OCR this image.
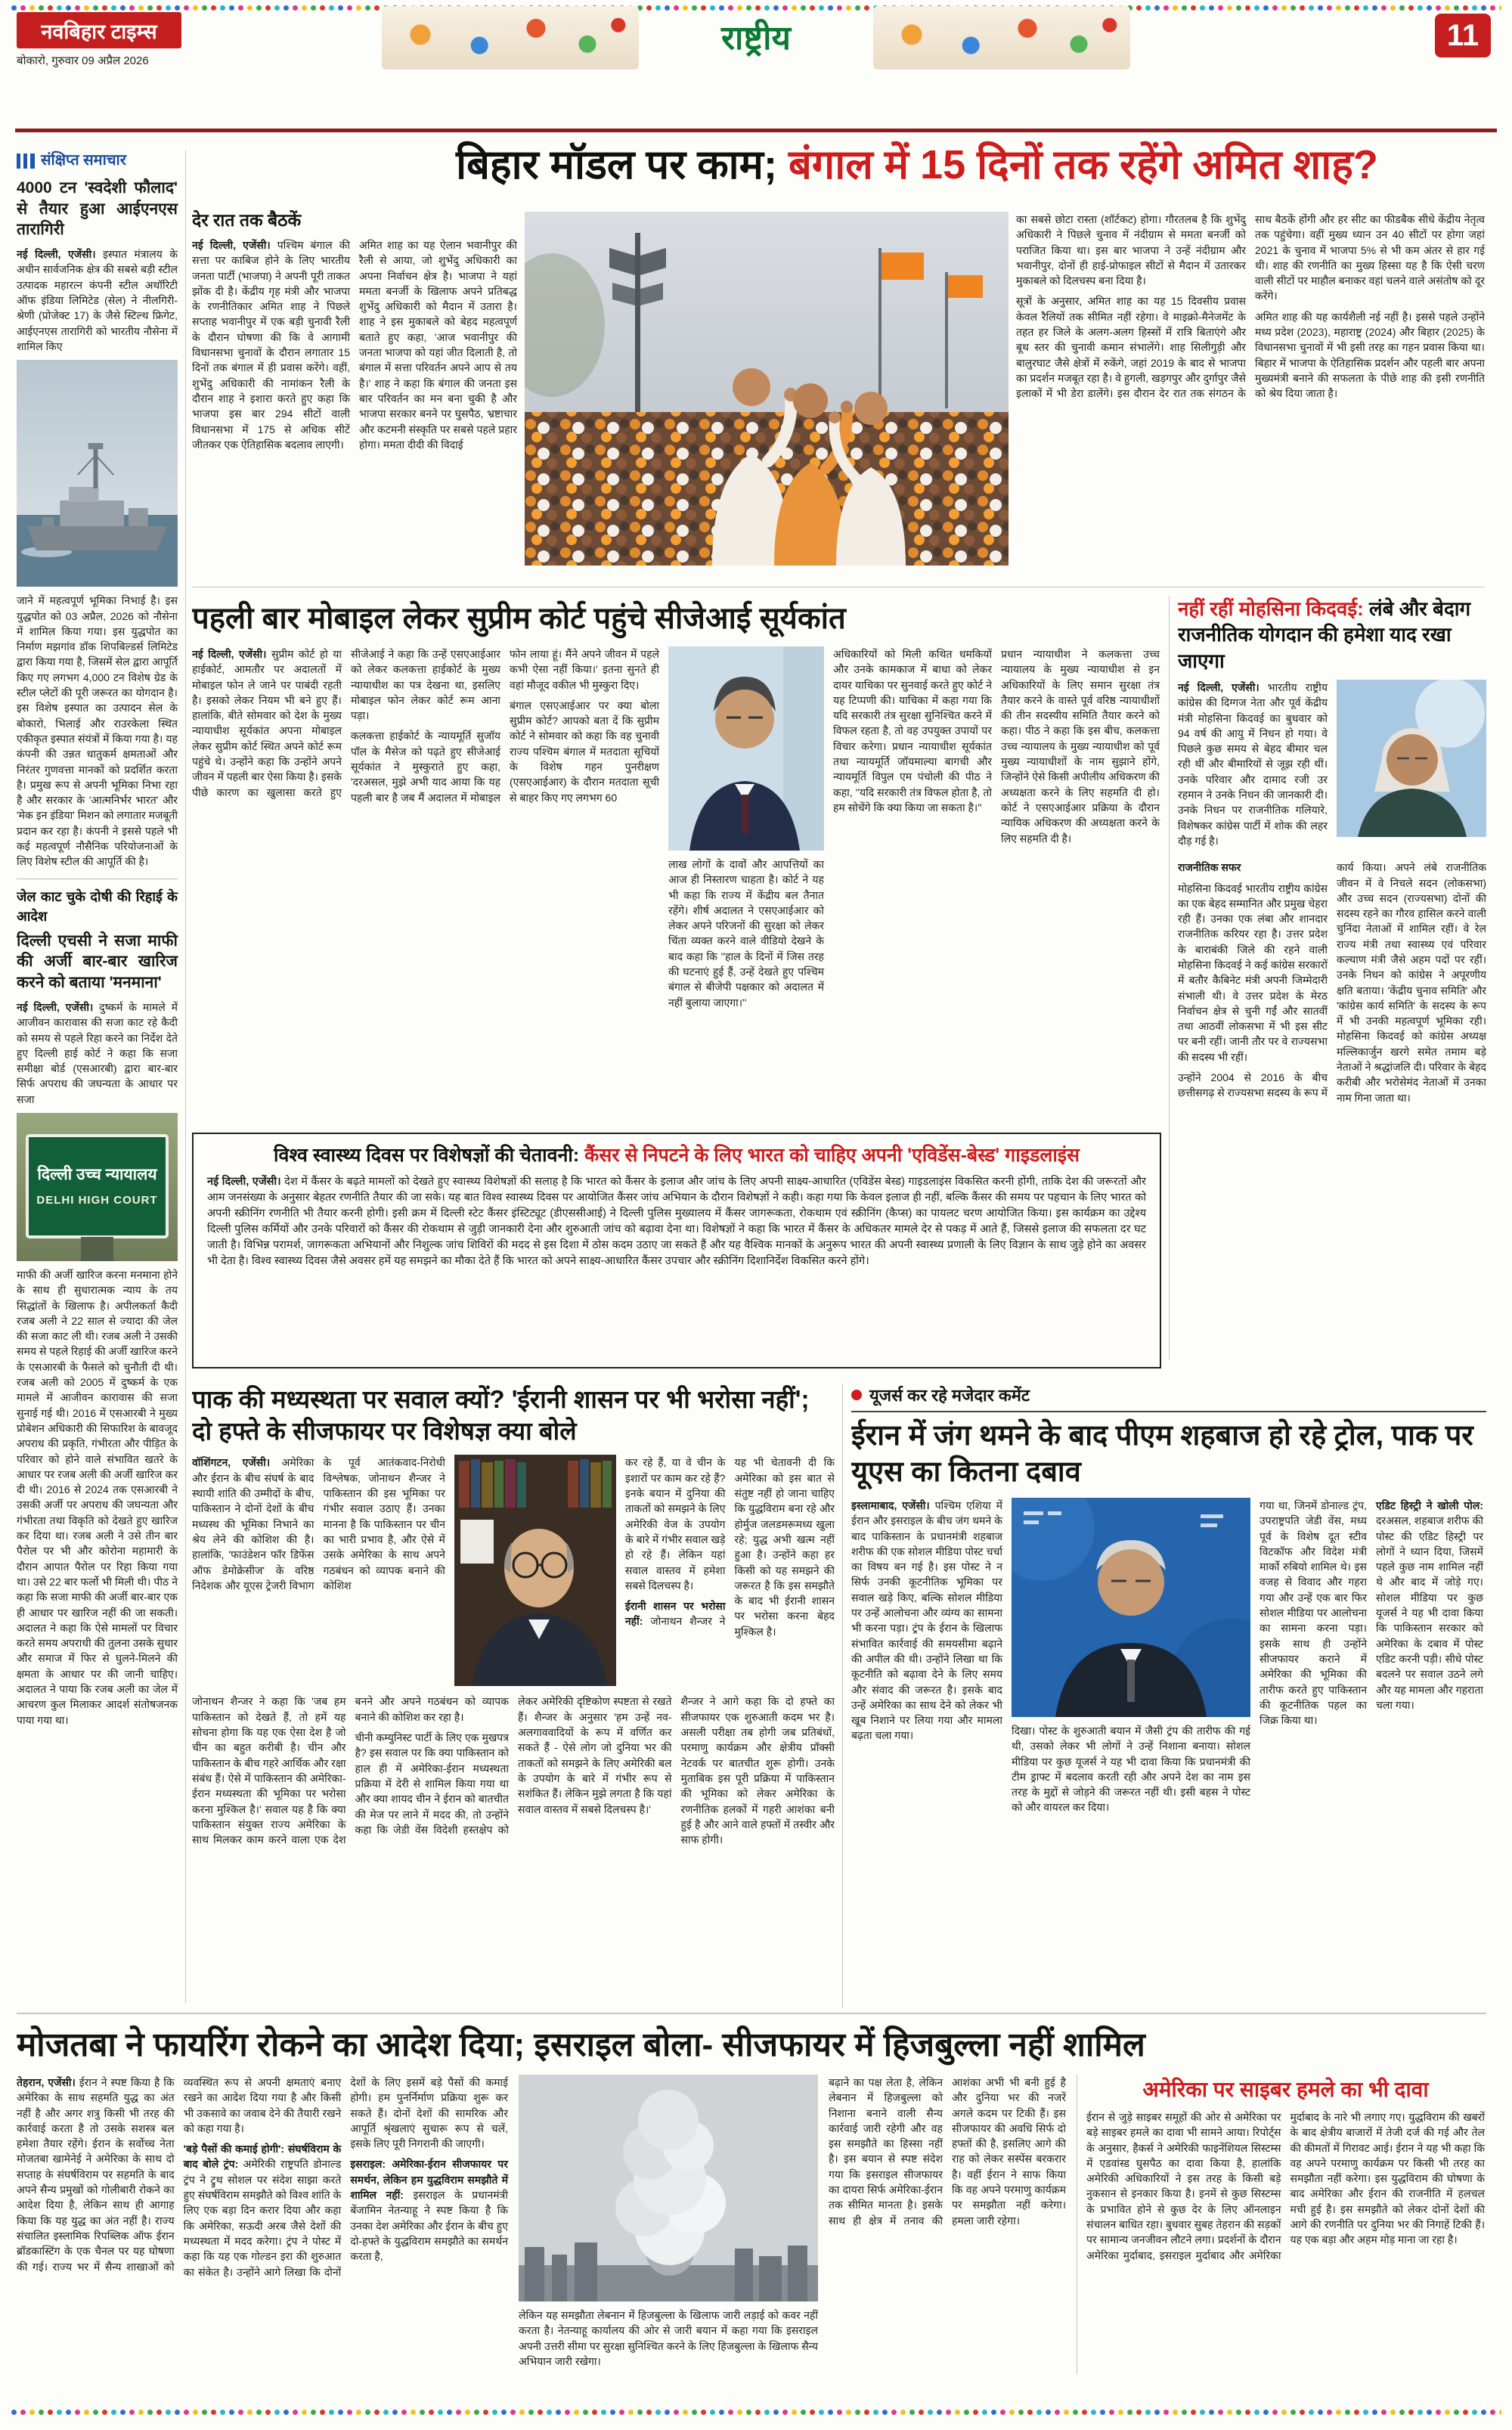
नवबिहार टाइम्स
बोकारो, गुरुवार 09 अप्रैल 2026
राष्ट्रीय	11
बिहार मॉडल पर काम; बंगाल में 15 दिनों तक रहेंगे अमित शाह?
संक्षिप्त समाचार
4000 टन 'स्वदेशी फौलाद' से तैयार हुआ आईएनएस तारागिरी

नई दिल्ली, एजेंसी। इस्पात मंत्रालय के अधीन सार्वजनिक क्षेत्र की सबसे बड़ी स्टील उत्पादक महारत्न कंपनी स्टील अथॉरिटी ऑफ इंडिया लिमिटेड (सेल) ने नीलगिरी-श्रेणी (प्रोजेक्ट 17) के जैसे स्टिल्थ फ्रिगेट, आईएनएस तारागिरी को भारतीय नौसेना में शामिल किए

जाने में महत्वपूर्ण भूमिका निभाई है। इस युद्धपोत को 03 अप्रैल, 2026 को नौसेना में शामिल किया गया। इस युद्धपोत का निर्माण मझगांव डॉक शिपबिल्डर्स लिमिटेड द्वारा किया गया है, जिसमें सेल द्वारा आपूर्ति किए गए लगभग 4,000 टन विशेष ग्रेड के स्टील प्लेटों की पूरी जरूरत का योगदान है। इस विशेष इस्पात का उत्पादन सेल के बोकारो, भिलाई और राउरकेला स्थित एकीकृत इस्पात संयंत्रों में किया गया है। यह कंपनी की उन्नत धातुकर्म क्षमताओं और निरंतर गुणवत्ता मानकों को प्रदर्शित करता है। प्रमुख रूप से अपनी भूमिका निभा रहा है और सरकार के 'आत्मनिर्भर भारत' और 'मेक इन इंडिया' मिशन को लगातार मजबूती प्रदान कर रहा है। कंपनी ने इससे पहले भी कई महत्वपूर्ण नौसैनिक परियोजनाओं के लिए विशेष स्टील की आपूर्ति की है।

जेल काट चुके दोषी की रिहाई के आदेश
दिल्ली एचसी ने सजा माफी की अर्जी बार-बार खारिज करने को बताया 'मनमाना'

नई दिल्ली, एजेंसी। दुष्कर्म के मामले में आजीवन कारावास की सजा काट रहे कैदी को समय से पहले रिहा करने का निर्देश देते हुए दिल्ली हाई कोर्ट ने कहा कि सजा समीक्षा बोर्ड (एसआरबी) द्वारा बार-बार सिर्फ अपराध की जघन्यता के आधार पर सजा

दिल्ली उच्च न्यायालय
DELHI HIGH COURT

माफी की अर्जी खारिज करना मनमाना होने के साथ ही सुधारात्मक न्याय के तय सिद्धांतों के खिलाफ है। अपीलकर्ता कैदी रजब अली ने 22 साल से ज्यादा की जेल की सजा काट ली थी। रजब अली ने उसकी समय से पहले रिहाई की अर्जी खारिज करने के एसआरबी के फैसले को चुनौती दी थी। रजब अली को 2005 में दुष्कर्म के एक मामले में आजीवन कारावास की सजा सुनाई गई थी। 2016 में एसआरबी ने मुख्य प्रोबेशन अधिकारी की सिफारिश के बावजूद अपराध की प्रकृति, गंभीरता और पीड़ित के परिवार को होने वाले संभावित खतरे के आधार पर रजब अली की अर्जी खारिज कर दी थी। 2016 से 2024 तक एसआरबी ने उसकी अर्जी पर अपराध की जघन्यता और गंभीरता तथा विकृति को देखते हुए खारिज कर दिया था। रजब अली ने उसे तीन बार पैरोल पर भी और कोरोना महामारी के दौरान आपात पैरोल पर रिहा किया गया था। उसे 22 बार फर्लो भी मिली थी। पीठ ने कहा कि सजा माफी की अर्जी बार-बार एक ही आधार पर खारिज नहीं की जा सकती। अदालत ने कहा कि ऐसे मामलों पर विचार करते समय अपराधी की तुलना उसके सुधार और समाज में फिर से घुलने-मिलने की क्षमता के आधार पर की जानी चाहिए। अदालत ने पाया कि रजब अली का जेल में आचरण कुल मिलाकर आदर्श संतोषजनक पाया गया था।

देर रात तक बैठकें

नई दिल्ली, एजेंसी। पश्चिम बंगाल की सत्ता पर काबिज होने के लिए भारतीय जनता पार्टी (भाजपा) ने अपनी पूरी ताकत झोंक दी है। केंद्रीय गृह मंत्री और भाजपा के रणनीतिकार अमित शाह ने पिछले सप्ताह भवानीपुर में एक बड़ी चुनावी रैली के दौरान घोषणा की कि वे आगामी विधानसभा चुनावों के दौरान लगातार 15 दिनों तक बंगाल में ही प्रवास करेंगे। वहीं, शुभेंदु अधिकारी की नामांकन रैली के दौरान शाह ने इशारा करते हुए कहा कि भाजपा इस बार 294 सीटों वाली विधानसभा में 175 से अधिक सीटें जीतकर एक ऐतिहासिक बदलाव लाएगी।

अमित शाह का यह ऐलान भवानीपुर की रैली से आया, जो शुभेंदु अधिकारी का अपना निर्वाचन क्षेत्र है। भाजपा ने यहां ममता बनर्जी के खिलाफ अपने प्रतिबद्ध शुभेंदु अधिकारी को मैदान में उतारा है। शाह ने इस मुकाबले को बेहद महत्वपूर्ण बताते हुए कहा, 'आज भवानीपुर की जनता भाजपा को यहां जीत दिलाती है, तो बंगाल में सत्ता परिवर्तन अपने आप से तय है।' शाह ने कहा कि बंगाल की जनता इस बार परिवर्तन का मन बना चुकी है और भाजपा सरकार बनने पर घुसपैठ, भ्रष्टाचार और कटमनी संस्कृति पर सबसे पहले प्रहार होगा। ममता दीदी की विदाई

का सबसे छोटा रास्ता (शॉर्टकट) होगा। गौरतलब है कि शुभेंदु अधिकारी ने पिछले चुनाव में नंदीग्राम से ममता बनर्जी को पराजित किया था। इस बार भाजपा ने उन्हें नंदीग्राम और भवानीपुर, दोनों ही हाई-प्रोफाइल सीटों से मैदान में उतारकर मुकाबले को दिलचस्प बना दिया है।

सूत्रों के अनुसार, अमित शाह का यह 15 दिवसीय प्रवास केवल रैलियों तक सीमित नहीं रहेगा। वे माइक्रो-मैनेजमेंट के तहत हर जिले के अलग-अलग हिस्सों में रात्रि बिताएंगे और बूथ स्तर की चुनावी कमान संभालेंगे। शाह सिलीगुड़ी और बालुरघाट जैसे क्षेत्रों में रुकेंगे, जहां 2019 के बाद से भाजपा का प्रदर्शन मजबूत रहा है। वे हुगली, खड़गपुर और दुर्गापुर जैसे इलाकों में भी डेरा डालेंगे। इस दौरान देर रात तक संगठन के साथ बैठकें होंगी और हर सीट का फीडबैक सीधे केंद्रीय नेतृत्व तक पहुंचेगा। वहीं मुख्य ध्यान उन 40 सीटों पर होगा जहां 2021 के चुनाव में भाजपा 5% से भी कम अंतर से हार गई थी। शाह की रणनीति का मुख्य हिस्सा यह है कि ऐसी चरण वाली सीटों पर माहौल बनाकर वहां चलने वाले असंतोष को दूर करेंगे।

अमित शाह की यह कार्यशैली नई नहीं है। इससे पहले उन्होंने मध्य प्रदेश (2023), महाराष्ट्र (2024) और बिहार (2025) के विधानसभा चुनावों में भी इसी तरह का गहन प्रवास किया था। बिहार में भाजपा के ऐतिहासिक प्रदर्शन और पहली बार अपना मुख्यमंत्री बनाने की सफलता के पीछे शाह की इसी रणनीति को श्रेय दिया जाता है।

पहली बार मोबाइल लेकर सुप्रीम कोर्ट पहुंचे सीजेआई सूर्यकांत

नई दिल्ली, एजेंसी। सुप्रीम कोर्ट हो या हाईकोर्ट, आमतौर पर अदालतों में मोबाइल फोन ले जाने पर पाबंदी रहती है। इसको लेकर नियम भी बने हुए हैं। हालांकि, बीते सोमवार को देश के मुख्य न्यायाधीश सूर्यकांत अपना मोबाइल लेकर सुप्रीम कोर्ट स्थित अपने कोर्ट रूम पहुंचे थे। उन्होंने कहा कि उन्होंने अपने जीवन में पहली बार ऐसा किया है। इसके पीछे कारण का खुलासा करते हुए सीजेआई ने कहा कि उन्हें एसएआईआर को लेकर कलकत्ता हाईकोर्ट के मुख्य न्यायाधीश का पत्र देखना था, इसलिए मोबाइल फोन लेकर कोर्ट रूम आना पड़ा।

कलकत्ता हाईकोर्ट के न्यायमूर्ति सुजॉय पॉल के मैसेज को पढ़ते हुए सीजेआई सूर्यकांत ने मुस्कुराते हुए कहा, 'दरअसल, मुझे अभी याद आया कि यह पहली बार है जब मैं अदालत में मोबाइल फोन लाया हूं। मैंने अपने जीवन में पहले कभी ऐसा नहीं किया।' इतना सुनते ही वहां मौजूद वकील भी मुस्कुरा दिए।

बंगाल एसएआईआर पर क्या बोला सुप्रीम कोर्ट? आपको बता दें कि सुप्रीम कोर्ट ने सोमवार को कहा कि वह चुनावी राज्य पश्चिम बंगाल में मतदाता सूचियों के विशेष गहन पुनरीक्षण (एसएआईआर) के दौरान मतदाता सूची से बाहर किए गए लगभग 60

लाख लोगों के दावों और आपत्तियों का आज ही निस्तारण चाहता है। कोर्ट ने यह भी कहा कि राज्य में केंद्रीय बल तैनात रहेंगे। शीर्ष अदालत ने एसएआईआर को लेकर अपने परिजनों की सुरक्षा को लेकर चिंता व्यक्त करने वाले वीडियो देखने के बाद कहा कि ''हाल के दिनों में जिस तरह की घटनाएं हुई हैं, उन्हें देखते हुए पश्चिम बंगाल से बीजेपी पक्षकार को अदालत में नहीं बुलाया जाएगा।''

अधिकारियों को मिली कथित धमकियों और उनके कामकाज में बाधा को लेकर दायर याचिका पर सुनवाई करते हुए कोर्ट ने यह टिप्पणी की। याचिका में कहा गया कि यदि सरकारी तंत्र सुरक्षा सुनिश्चित करने में विफल रहता है, तो वह उपयुक्त उपायों पर विचार करेगा। प्रधान न्यायाधीश सूर्यकांत तथा न्यायमूर्ति जॉयमाल्या बागची और न्यायमूर्ति विपुल एम पंचोली की पीठ ने कहा, ''यदि सरकारी तंत्र विफल होता है, तो हम सोचेंगे कि क्या किया जा सकता है।''

प्रधान न्यायाधीश ने कलकत्ता उच्च न्यायालय के मुख्य न्यायाधीश से इन अधिकारियों के लिए समान सुरक्षा तंत्र तैयार करने के वास्ते पूर्व वरिष्ठ न्यायाधीशों की तीन सदस्यीय समिति तैयार करने को कहा। पीठ ने कहा कि इस बीच, कलकत्ता उच्च न्यायालय के मुख्य न्यायाधीश को पूर्व मुख्य न्यायाधीशों के नाम सुझाने होंगे, जिन्होंने ऐसे किसी अपीलीय अधिकरण की अध्यक्षता करने के लिए सहमति दी हो। कोर्ट ने एसएआईआर प्रक्रिया के दौरान न्यायिक अधिकरण की अध्यक्षता करने के लिए सहमति दी है।

नहीं रहीं मोहसिना किदवई: लंबे और बेदाग राजनीतिक योगदान की हमेशा याद रखा जाएगा

नई दिल्ली, एजेंसी। भारतीय राष्ट्रीय कांग्रेस की दिग्गज नेता और पूर्व केंद्रीय मंत्री मोहसिना किदवई का बुधवार को 94 वर्ष की आयु में निधन हो गया। वे पिछले कुछ समय से बेहद बीमार चल रही थीं और बीमारियों से जूझ रही थीं। उनके परिवार और दामाद रजी उर रहमान ने उनके निधन की जानकारी दी। उनके निधन पर राजनीतिक गलियारे, विशेषकर कांग्रेस पार्टी में शोक की लहर दौड़ गई है।

राजनीतिक सफर

मोहसिना किदवई भारतीय राष्ट्रीय कांग्रेस का एक बेहद सम्मानित और प्रमुख चेहरा रही हैं। उनका एक लंबा और शानदार राजनीतिक करियर रहा है। उत्तर प्रदेश के बाराबंकी जिले की रहने वाली मोहसिना किदवई ने कई कांग्रेस सरकारों में बतौर कैबिनेट मंत्री अपनी जिम्मेदारी संभाली थी। वे उत्तर प्रदेश के मेरठ निर्वाचन क्षेत्र से चुनी गईं और सातवीं तथा आठवीं लोकसभा में भी इस सीट पर बनी रहीं। जानी तौर पर वे राज्यसभा की सदस्य भी रहीं।

उन्होंने 2004 से 2016 के बीच छत्तीसगढ़ से राज्यसभा सदस्य के रूप में कार्य किया। अपने लंबे राजनीतिक जीवन में वे निचले सदन (लोकसभा) और उच्च सदन (राज्यसभा) दोनों की सदस्य रहने का गौरव हासिल करने वाली चुनिंदा नेताओं में शामिल रहीं। वे रेल राज्य मंत्री तथा स्वास्थ्य एवं परिवार कल्याण मंत्री जैसे अहम पदों पर रहीं। उनके निधन को कांग्रेस ने अपूरणीय क्षति बताया। 'केंद्रीय चुनाव समिति' और 'कांग्रेस कार्य समिति' के सदस्य के रूप में भी उनकी महत्वपूर्ण भूमिका रही। मोहसिना किदवई को कांग्रेस अध्यक्ष मल्लिकार्जुन खरगे समेत तमाम बड़े नेताओं ने श्रद्धांजलि दी। परिवार के बेहद करीबी और भरोसेमंद नेताओं में उनका नाम गिना जाता था।

विश्व स्वास्थ्य दिवस पर विशेषज्ञों की चेतावनी: कैंसर से निपटने के लिए भारत को चाहिए अपनी 'एविडेंस-बेस्ड' गाइडलाइंस

नई दिल्ली, एजेंसी। देश में कैंसर के बढ़ते मामलों को देखते हुए स्वास्थ्य विशेषज्ञों की सलाह है कि भारत को कैंसर के इलाज और जांच के लिए अपनी साक्ष्य-आधारित (एविडेंस बेस्ड) गाइडलाइंस विकसित करनी होंगी, ताकि देश की जरूरतों और आम जनसंख्या के अनुसार बेहतर रणनीति तैयार की जा सके। यह बात विश्व स्वास्थ्य दिवस पर आयोजित कैंसर जांच अभियान के दौरान विशेषज्ञों ने कही। कहा गया कि केवल इलाज ही नहीं, बल्कि कैंसर की समय पर पहचान के लिए भारत को अपनी स्क्रीनिंग रणनीति भी तैयार करनी होगी। इसी क्रम में दिल्ली स्टेट कैंसर इंस्टिट्यूट (डीएससीआई) ने दिल्ली पुलिस मुख्यालय में कैंसर जागरूकता, रोकथाम एवं स्क्रीनिंग (कैप्स) का पायलट चरण आयोजित किया। इस कार्यक्रम का उद्देश्य दिल्ली पुलिस कर्मियों और उनके परिवारों को कैंसर की रोकथाम से जुड़ी जानकारी देना और शुरुआती जांच को बढ़ावा देना था। विशेषज्ञों ने कहा कि भारत में कैंसर के अधिकतर मामले देर से पकड़ में आते हैं, जिससे इलाज की सफलता दर घट जाती है। विभिन्न परामर्श, जागरूकता अभियानों और निशुल्क जांच शिविरों की मदद से इस दिशा में ठोस कदम उठाए जा सकते हैं और यह वैश्विक मानकों के अनुरूप भारत की अपनी स्वास्थ्य प्रणाली के लिए विज्ञान के साथ जुड़े होने का अवसर भी देता है। विश्व स्वास्थ्य दिवस जैसे अवसर हमें यह समझने का मौका देते हैं कि भारत को अपने साक्ष्य-आधारित कैंसर उपचार और स्क्रीनिंग दिशानिर्देश विकसित करने होंगे।

पाक की मध्यस्थता पर सवाल क्यों? 'ईरानी शासन पर भी भरोसा नहीं'; दो हफ्ते के सीजफायर पर विशेषज्ञ क्या बोले

वॉशिंगटन, एजेंसी। अमेरिका और ईरान के बीच संघर्ष के बाद स्थायी शांति की उम्मीदों के बीच, पाकिस्तान ने दोनों देशों के बीच मध्यस्थ की भूमिका निभाने का श्रेय लेने की कोशिश की है। हालांकि, 'फाउंडेशन फॉर डिफेंस ऑफ डेमोक्रेसीज' के वरिष्ठ निदेशक और यूएस ट्रेजरी विभाग के पूर्व आतंकवाद-निरोधी विश्लेषक, जोनाथन शैन्जर ने पाकिस्तान की इस भूमिका पर गंभीर सवाल उठाए हैं। उनका मानना है कि पाकिस्तान पर चीन का भारी प्रभाव है, और ऐसे में उसके अमेरिका के साथ अपने गठबंधन को व्यापक बनाने की कोशिश

कर रहे हैं, या वे चीन के इशारों पर काम कर रहे हैं? इनके बयान में दुनिया की ताकतों को समझने के लिए अमेरिकी वेज के उपयोग के बारे में गंभीर सवाल खड़े हो रहे हैं। लेकिन यहां सवाल वास्तव में हमेशा सबसे दिलचस्प है।

ईरानी शासन पर भरोसा नहीं: जोनाथन शैन्जर ने यह भी चेतावनी दी कि अमेरिका को इस बात से संतुष्ट नहीं हो जाना चाहिए कि युद्धविराम बना रहे और होर्मुज जलडमरूमध्य खुला रहे; युद्ध अभी खत्म नहीं हुआ है। उन्होंने कहा हर किसी को यह समझने की जरूरत है कि इस समझौते के बाद भी ईरानी शासन पर भरोसा करना बेहद मुश्किल है।

जोनाथन शैन्जर ने कहा कि 'जब हम पाकिस्तान को देखते हैं, तो हमें यह सोचना होगा कि यह एक ऐसा देश है जो चीन का बहुत करीबी है। चीन और पाकिस्तान के बीच गहरे आर्थिक और रक्षा संबंध हैं। ऐसे में पाकिस्तान की अमेरिका-ईरान मध्यस्थता की भूमिका पर भरोसा करना मुश्किल है।' सवाल यह है कि क्या पाकिस्तान संयुक्त राज्य अमेरिका के साथ मिलकर काम करने वाला एक देश बनने और अपने गठबंधन को व्यापक बनाने की कोशिश कर रहा है।

चीनी कम्युनिस्ट पार्टी के लिए एक मुखपत्र है? इस सवाल पर कि क्या पाकिस्तान को हाल ही में अमेरिका-ईरान मध्यस्थता प्रक्रिया में देरी से शामिल किया गया था और क्या शायद चीन ने ईरान को बातचीत की मेज पर लाने में मदद की, तो उन्होंने कहा कि जेडी वेंस विदेशी हस्तक्षेप को लेकर अमेरिकी दृष्टिकोण स्पष्टता से रखते हैं। शैन्जर के अनुसार 'हम उन्हें नव-अलगाववादियों के रूप में वर्णित कर सकते हैं - ऐसे लोग जो दुनिया भर की ताकतों को समझने के लिए अमेरिकी बल के उपयोग के बारे में गंभीर रूप से सशंकित हैं। लेकिन मुझे लगता है कि यहां सवाल वास्तव में सबसे दिलचस्प है।'

शैन्जर ने आगे कहा कि दो हफ्ते का सीजफायर एक शुरुआती कदम भर है। असली परीक्षा तब होगी जब प्रतिबंधों, परमाणु कार्यक्रम और क्षेत्रीय प्रॉक्सी नेटवर्क पर बातचीत शुरू होगी। उनके मुताबिक इस पूरी प्रक्रिया में पाकिस्तान की भूमिका को लेकर अमेरिका के रणनीतिक हलकों में गहरी आशंका बनी हुई है और आने वाले हफ्तों में तस्वीर और साफ होगी।

यूजर्स कर रहे मजेदार कमेंट
ईरान में जंग थमने के बाद पीएम शहबाज हो रहे ट्रोल, पाक पर यूएस का कितना दबाव

इस्लामाबाद, एजेंसी। पश्चिम एशिया में ईरान और इसराइल के बीच जंग थमने के बाद पाकिस्तान के प्रधानमंत्री शहबाज शरीफ की एक सोशल मीडिया पोस्ट चर्चा का विषय बन गई है। इस पोस्ट ने न सिर्फ उनकी कूटनीतिक भूमिका पर सवाल खड़े किए, बल्कि सोशल मीडिया पर उन्हें आलोचना और व्यंग्य का सामना भी करना पड़ा। ट्रंप के ईरान के खिलाफ संभावित कार्रवाई की समयसीमा बढ़ाने की अपील की थी। उन्होंने लिखा था कि कूटनीति को बढ़ावा देने के लिए समय और संवाद की जरूरत है। इसके बाद उन्हें अमेरिका का साथ देने को लेकर भी खूब निशाने पर लिया गया और मामला बढ़ता चला गया।	दिखा। पोस्ट के शुरुआती बयान में जैसी ट्रंप की तारीफ की गई थी, उसको लेकर भी लोगों ने उन्हें निशाना बनाया। सोशल मीडिया पर कुछ यूजर्स ने यह भी दावा किया कि प्रधानमंत्री की टीम ड्राफ्ट में बदलाव करती रही और अपने देश का नाम इस तरह के मुद्दों से जोड़ने की जरूरत नहीं थी। इसी बहस ने पोस्ट को और वायरल कर दिया।

गया था, जिनमें डोनाल्ड ट्रंप, उपराष्ट्रपति जेडी वेंस, मध्य पूर्व के विशेष दूत स्टीव विटकॉफ और विदेश मंत्री मार्को रुबियो शामिल थे। इस वजह से विवाद और गहरा गया और उन्हें एक बार फिर सोशल मीडिया पर आलोचना का सामना करना पड़ा। इसके साथ ही उन्होंने सीजफायर कराने में अमेरिका की भूमिका की तारीफ करते हुए पाकिस्तान की कूटनीतिक पहल का जिक्र किया था।

एडिट हिस्ट्री ने खोली पोल: दरअसल, शहबाज शरीफ की पोस्ट की एडिट हिस्ट्री पर लोगों ने ध्यान दिया, जिसमें पहले कुछ नाम शामिल नहीं थे और बाद में जोड़े गए। सोशल मीडिया पर कुछ यूजर्स ने यह भी दावा किया कि पाकिस्तान सरकार को अमेरिका के दबाव में पोस्ट एडिट करनी पड़ी। सीधे पोस्ट बदलने पर सवाल उठने लगे और यह मामला और गहराता चला गया।

मोजतबा ने फायरिंग रोकने का आदेश दिया; इसराइल बोला- सीजफायर में हिजबुल्ला नहीं शामिल

तेहरान, एजेंसी। ईरान ने स्पष्ट किया है कि अमेरिका के साथ सहमति युद्ध का अंत नहीं है और अगर शत्रु किसी भी तरह की कार्रवाई करता है तो उसके सशस्त्र बल हमेशा तैयार रहेंगे। ईरान के सर्वोच्च नेता मोजतबा खामेनेई ने अमेरिका के साथ दो सप्ताह के संघर्षविराम पर सहमति के बाद अपने सैन्य प्रमुखों को गोलीबारी रोकने का आदेश दिया है, लेकिन साथ ही आगाह किया कि यह युद्ध का अंत नहीं है। राज्य संचालित इस्लामिक रिपब्लिक ऑफ ईरान ब्रॉडकास्टिंग के एक चैनल पर यह घोषणा की गई। राज्य भर में सैन्य शाखाओं को व्यवस्थित रूप से अपनी क्षमताएं बनाए रखने का आदेश दिया गया है और किसी भी उकसावे का जवाब देने की तैयारी रखने को कहा गया है।

'बड़े पैसों की कमाई होगी': संघर्षविराम के बाद बोले ट्रंप: अमेरिकी राष्ट्रपति डोनाल्ड ट्रंप ने ट्रुथ सोशल पर संदेश साझा करते हुए संघर्षविराम समझौते को विश्व शांति के लिए एक बड़ा दिन करार दिया और कहा कि अमेरिका, सऊदी अरब जैसे देशों की मध्यस्थता में मदद करेगा। ट्रंप ने पोस्ट में कहा कि यह एक गोल्डन इरा की शुरुआत का संकेत है। उन्होंने आगे लिखा कि दोनों देशों के लिए इसमें बड़े पैसों की कमाई होगी। हम पुनर्निर्माण प्रक्रिया शुरू कर सकते हैं। दोनों देशों की सामरिक और आपूर्ति श्रृंखलाएं सुचारू रूप से चलें, इसके लिए पूरी निगरानी की जाएगी।

इसराइल: अमेरिका-ईरान सीजफायर पर समर्थन, लेकिन हम युद्धविराम समझौते में शामिल नहीं: इसराइल के प्रधानमंत्री बेंजामिन नेतन्याहू ने स्पष्ट किया है कि उनका देश अमेरिका और ईरान के बीच हुए दो-हफ्ते के युद्धविराम समझौते का समर्थन करता है,

लेकिन यह समझौता लेबनान में हिजबुल्ला के खिलाफ जारी लड़ाई को कवर नहीं करता है। नेतन्याहू कार्यालय की ओर से जारी बयान में कहा गया कि इसराइल अपनी उत्तरी सीमा पर सुरक्षा सुनिश्चित करने के लिए हिजबुल्ला के खिलाफ सैन्य अभियान जारी रखेगा।

बढ़ाने का पक्ष लेता है, लेकिन लेबनान में हिजबुल्ला को निशाना बनाने वाली सैन्य कार्रवाई जारी रहेगी और वह इस समझौते का हिस्सा नहीं है। इस बयान से स्पष्ट संदेश गया कि इसराइल सीजफायर का दायरा सिर्फ अमेरिका-ईरान तक सीमित मानता है। इसके साथ ही क्षेत्र में तनाव की आशंका अभी भी बनी हुई है और दुनिया भर की नजरें अगले कदम पर टिकी हैं। इस सीजफायर की अवधि सिर्फ दो हफ्तों की है, इसलिए आगे की राह को लेकर सस्पेंस बरकरार है। वहीं ईरान ने साफ किया कि वह अपने परमाणु कार्यक्रम पर समझौता नहीं करेगा। हमला जारी रहेगा।

अमेरिका पर साइबर हमले का भी दावा

ईरान से जुड़े साइबर समूहों की ओर से अमेरिका पर बड़े साइबर हमले का दावा भी सामने आया। रिपोर्ट्स के अनुसार, हैकर्स ने अमेरिकी फाइनेंशियल सिस्टम्स में एडवांस्ड घुसपैठ का दावा किया है, हालांकि अमेरिकी अधिकारियों ने इस तरह के किसी बड़े नुकसान से इनकार किया है। इनमें से कुछ सिस्टम्स के प्रभावित होने से कुछ देर के लिए ऑनलाइन संचालन बाधित रहा। बुधवार सुबह तेहरान की सड़कों पर सामान्य जनजीवन लौटने लगा। प्रदर्शनों के दौरान अमेरिका मुर्दाबाद, इसराइल मुर्दाबाद और अमेरिका मुर्दाबाद के नारे भी लगाए गए। युद्धविराम की खबरों के बाद क्षेत्रीय बाजारों में तेजी दर्ज की गई और तेल की कीमतों में गिरावट आई। ईरान ने यह भी कहा कि वह अपने परमाणु कार्यक्रम पर किसी भी तरह का समझौता नहीं करेगा। इस युद्धविराम की घोषणा के बाद अमेरिका और ईरान की राजनीति में हलचल मची हुई है। इस समझौते को लेकर दोनों देशों की आगे की रणनीति पर दुनिया भर की निगाहें टिकी हैं। यह एक बड़ा और अहम मोड़ माना जा रहा है।
